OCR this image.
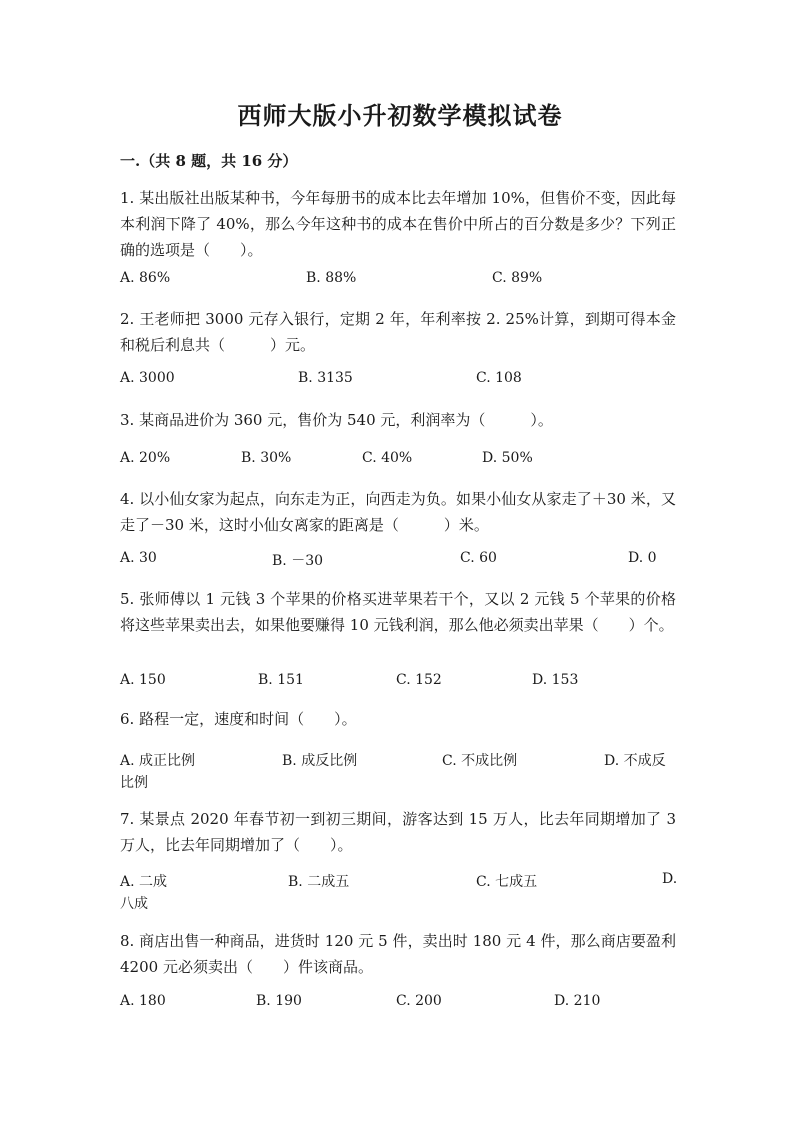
西师大版小升初数学模拟试卷
一.（共 8 题，共 16 分）
1. 某出版社出版某种书，今年每册书的成本比去年增加 10%，但售价不变，因此每本利润下降了 40%，那么今年这种书的成本在售价中所占的百分数是多少？下列正确的选项是（　　）。
A. 86%	B. 88%	C. 89%
2. 王老师把 3000 元存入银行，定期 2 年，年利率按 2. 25%计算，到期可得本金和税后利息共（　　　）元。
A. 3000	B. 3135	C. 108
3. 某商品进价为 360 元，售价为 540 元，利润率为（　　　）。
A. 20%	B. 30%	C. 40%	D. 50%
4. 以小仙女家为起点，向东走为正，向西走为负。如果小仙女从家走了＋30 米，又走了－30 米，这时小仙女离家的距离是（　　　）米。
A. 30	B. －30	C. 60	D. 0
5. 张师傅以 1 元钱 3 个苹果的价格买进苹果若干个，又以 2 元钱 5 个苹果的价格将这些苹果卖出去，如果他要赚得 10 元钱利润，那么他必须卖出苹果（　　）个。
A. 150	B. 151	C. 152	D. 153
6. 路程一定，速度和时间（　　）。
A. 成正比例	B. 成反比例	C. 不成比例	D. 不成反
比例
7. 某景点 2020 年春节初一到初三期间，游客达到 15 万人，比去年同期增加了 3 万人，比去年同期增加了（　　）。
A. 二成	B. 二成五	C. 七成五	D.
八成
8. 商店出售一种商品，进货时 120 元 5 件，卖出时 180 元 4 件，那么商店要盈利 4200 元必须卖出（　　）件该商品。
A. 180	B. 190	C. 200	D. 210
